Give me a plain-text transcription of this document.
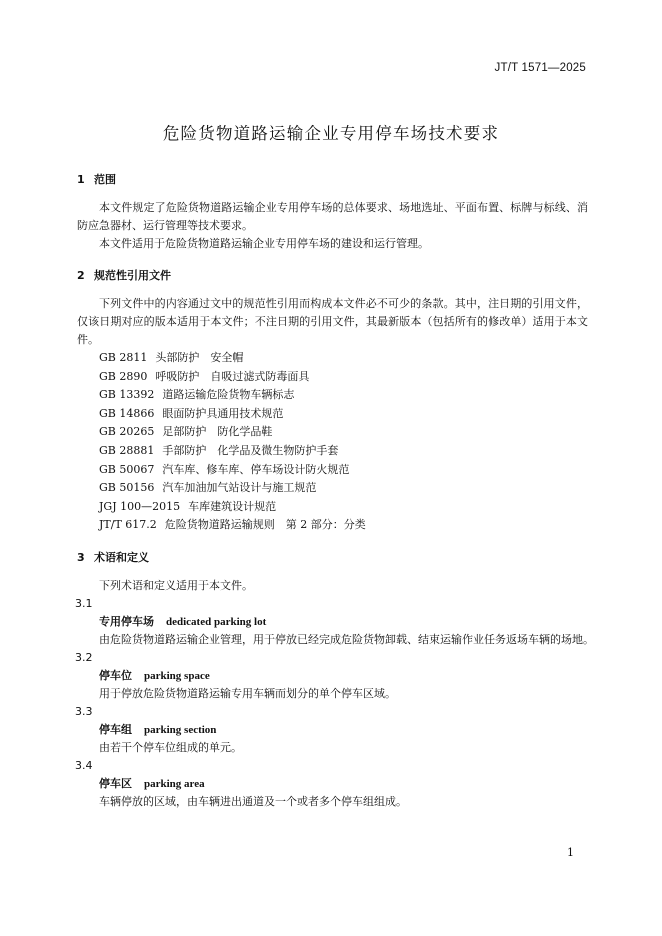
JT/T 1571—2025
危险货物道路运输企业专用停车场技术要求
1 范围
本文件规定了危险货物道路运输企业专用停车场的总体要求、场地选址、平面布置、标牌与标线、消防应急器材、运行管理等技术要求。
本文件适用于危险货物道路运输企业专用停车场的建设和运行管理。
2 规范性引用文件
下列文件中的内容通过文中的规范性引用而构成本文件必不可少的条款。其中，注日期的引用文件，仅该日期对应的版本适用于本文件；不注日期的引用文件，其最新版本（包括所有的修改单）适用于本文件。
GB 2811 头部防护　安全帽
GB 2890 呼吸防护　自吸过滤式防毒面具
GB 13392 道路运输危险货物车辆标志
GB 14866 眼面防护具通用技术规范
GB 20265 足部防护　防化学品鞋
GB 28881 手部防护　化学品及微生物防护手套
GB 50067 汽车库、修车库、停车场设计防火规范
GB 50156 汽车加油加气站设计与施工规范
JGJ 100—2015 车库建筑设计规范
JT/T 617.2 危险货物道路运输规则　第 2 部分：分类
3 术语和定义
下列术语和定义适用于本文件。
3.1
专用停车场 dedicated parking lot
由危险货物道路运输企业管理，用于停放已经完成危险货物卸载、结束运输作业任务返场车辆的场地。
3.2
停车位 parking space
用于停放危险货物道路运输专用车辆而划分的单个停车区域。
3.3
停车组 parking section
由若干个停车位组成的单元。
3.4
停车区 parking area
车辆停放的区域，由车辆进出通道及一个或者多个停车组组成。
1
